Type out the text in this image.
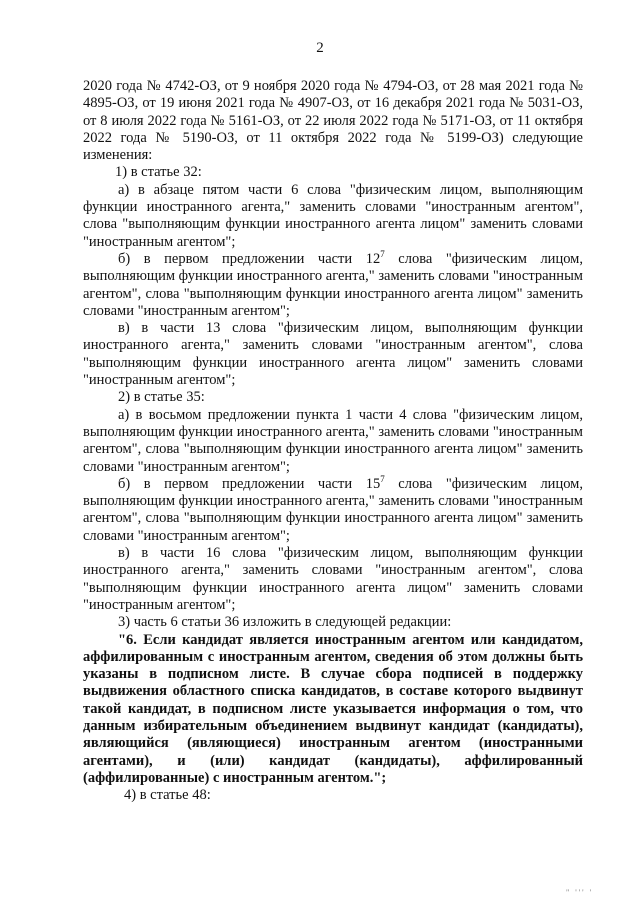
2

2020 года № 4742-ОЗ, от 9 ноября 2020 года № 4794-ОЗ, от 28 мая 2021 года № 4895-ОЗ, от 19 июня 2021 года № 4907-ОЗ, от 16 декабря 2021 года № 5031-ОЗ, от 8 июля 2022 года № 5161-ОЗ, от 22 июля 2022 года № 5171-ОЗ, от 11 октября 2022 года № 5190-ОЗ, от 11 октября 2022 года № 5199-ОЗ) следующие изменения:

1) в статье 32:

а) в абзаце пятом части 6 слова "физическим лицом, выполняющим функции иностранного агента," заменить словами "иностранным агентом", слова "выполняющим функции иностранного агента лицом" заменить словами "иностранным агентом";

б) в первом предложении части $12^7$ слова "физическим лицом, выполняющим функции иностранного агента," заменить словами "иностранным агентом", слова "выполняющим функции иностранного агента лицом" заменить словами "иностранным агентом";

в) в части 13 слова "физическим лицом, выполняющим функции иностранного агента," заменить словами "иностранным агентом", слова "выполняющим функции иностранного агента лицом" заменить словами "иностранным агентом";

2) в статье 35:

а) в восьмом предложении пункта 1 части 4 слова "физическим лицом, выполняющим функции иностранного агента," заменить словами "иностранным агентом", слова "выполняющим функции иностранного агента лицом" заменить словами "иностранным агентом";

б) в первом предложении части $15^7$ слова "физическим лицом, выполняющим функции иностранного агента," заменить словами "иностранным агентом", слова "выполняющим функции иностранного агента лицом" заменить словами "иностранным агентом";

в) в части 16 слова "физическим лицом, выполняющим функции иностранного агента," заменить словами "иностранным агентом", слова "выполняющим функции иностранного агента лицом" заменить словами "иностранным агентом";

3) часть 6 статьи 36 изложить в следующей редакции:

"6. Если кандидат является иностранным агентом или кандидатом, аффилированным с иностранным агентом, сведения об этом должны быть указаны в подписном листе. В случае сбора подписей в поддержку выдвижения областного списка кандидатов, в составе которого выдвинут такой кандидат, в подписном листе указывается информация о том, что данным избирательным объединением выдвинут кандидат (кандидаты), являющийся (являющиеся) иностранным агентом (иностранными агентами), и (или) кандидат (кандидаты), аффилированный (аффилированные) с иностранным агентом.";

4) в статье 48:

" ''' '
